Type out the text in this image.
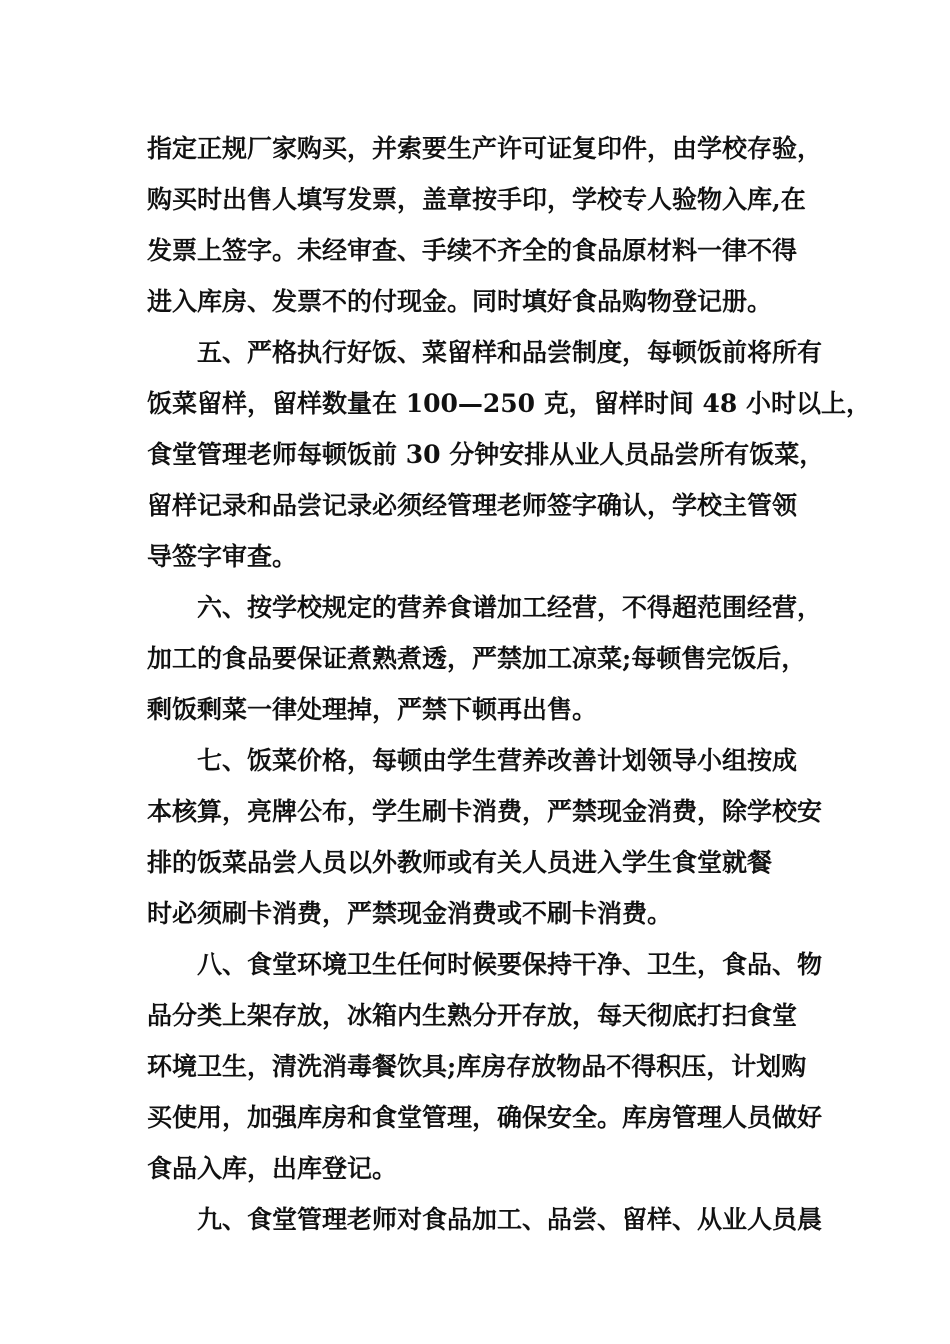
指定正规厂家购买，并索要生产许可证复印件，由学校存验，
购买时出售人填写发票，盖章按手印，学校专人验物入库,在
发票上签字。未经审查、手续不齐全的食品原材料一律不得
进入库房、发票不的付现金。同时填好食品购物登记册。
五、严格执行好饭、菜留样和品尝制度，每顿饭前将所有
饭菜留样，留样数量在 100—250 克，留样时间 48 小时以上，
食堂管理老师每顿饭前 30 分钟安排从业人员品尝所有饭菜，
留样记录和品尝记录必须经管理老师签字确认，学校主管领
导签字审查。
六、按学校规定的营养食谱加工经营，不得超范围经营，
加工的食品要保证煮熟煮透，严禁加工凉菜;每顿售完饭后，
剩饭剩菜一律处理掉，严禁下顿再出售。
七、饭菜价格，每顿由学生营养改善计划领导小组按成
本核算，亮牌公布，学生刷卡消费，严禁现金消费，除学校安
排的饭菜品尝人员以外教师或有关人员进入学生食堂就餐
时必须刷卡消费，严禁现金消费或不刷卡消费。
八、食堂环境卫生任何时候要保持干净、卫生，食品、物
品分类上架存放，冰箱内生熟分开存放，每天彻底打扫食堂
环境卫生，清洗消毒餐饮具;库房存放物品不得积压，计划购
买使用，加强库房和食堂管理，确保安全。库房管理人员做好
食品入库，出库登记。
九、食堂管理老师对食品加工、品尝、留样、从业人员晨
